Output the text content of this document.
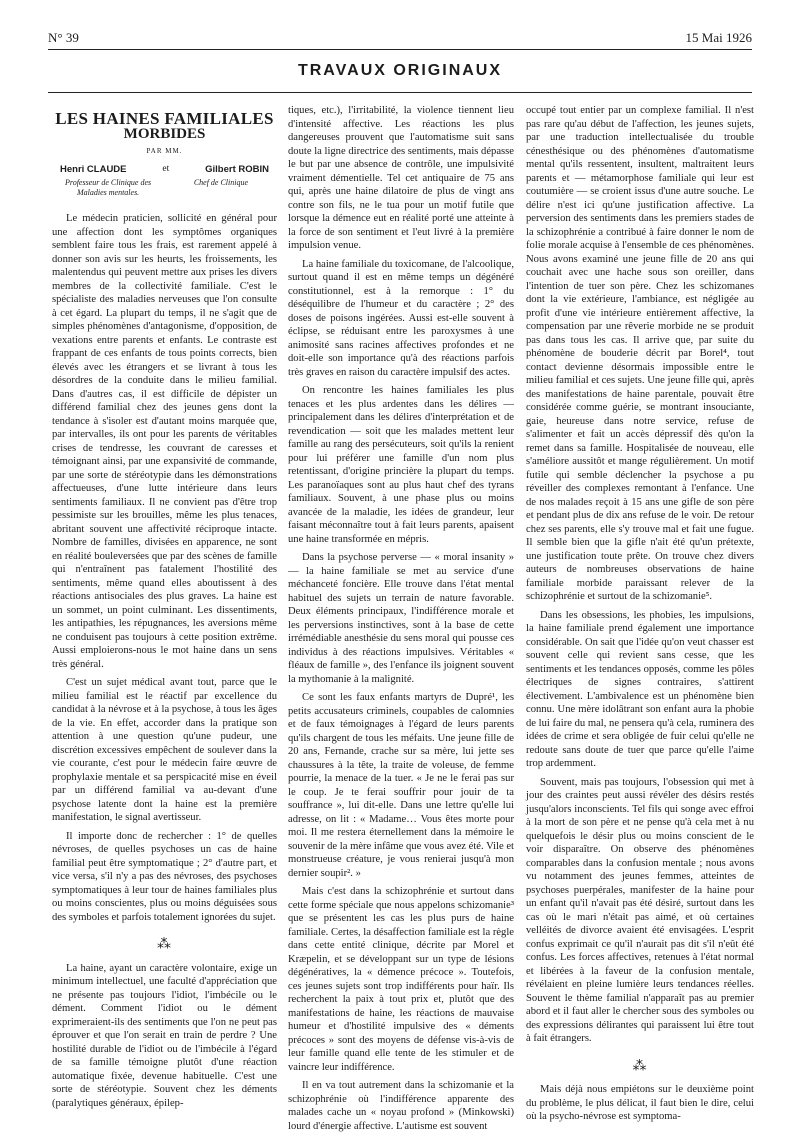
N° 39	15 Mai 1926
TRAVAUX ORIGINAUX
LES HAINES FAMILIALES
MORBIDES
PAR MM.
Henri CLAUDE	et	Gilbert ROBIN
Professeur de Clinique des Maladies mentales.
Chef de Clinique

Le médecin praticien, sollicité en général pour une affection dont les symptômes organiques semblent faire tous les frais, est rarement appelé à donner son avis sur les heurts, les froissements, les malentendus qui peuvent mettre aux prises les divers membres de la collectivité familiale. C'est le spécialiste des maladies nerveuses que l'on consulte à cet égard. La plupart du temps, il ne s'agit que de simples phénomènes d'antagonisme, d'opposition, de vexations entre parents et enfants. Le contraste est frappant de ces enfants de tous points corrects, bien élevés avec les étrangers et se livrant à tous les désordres de la conduite dans le milieu familial. Dans d'autres cas, il est difficile de dépister un différend familial chez des jeunes gens dont la tendance à s'isoler est d'autant moins marquée que, par intervalles, ils ont pour les parents de véritables crises de tendresse, les couvrant de caresses et témoignant ainsi, par une expansivité de commande, par une sorte de stéréotypie dans les démonstrations affectueuses, d'une lutte intérieure dans leurs sentiments familiaux. Il ne convient pas d'être trop pessimiste sur les brouilles, même les plus tenaces, abritant souvent une affectivité réciproque intacte. Nombre de familles, divisées en apparence, ne sont en réalité bouleversées que par des scènes de famille qui n'entraînent pas fatalement l'hostilité des sentiments, même quand elles aboutissent à des réactions antisociales des plus graves. La haine est un sommet, un point culminant. Les dissentiments, les antipathies, les répugnances, les aversions même ne conduisent pas toujours à cette position extrême. Aussi emploierons-nous le mot haine dans un sens très général.

C'est un sujet médical avant tout, parce que le milieu familial est le réactif par excellence du candidat à la névrose et à la psychose, à tous les âges de la vie. En effet, accorder dans la pratique son attention à une question qu'une pudeur, une discrétion excessives empêchent de soulever dans la vie courante, c'est pour le médecin faire œuvre de prophylaxie mentale et sa perspicacité mise en éveil par un différend familial va au-devant d'une psychose latente dont la haine est la première manifestation, le signal avertisseur.

Il importe donc de rechercher : 1° de quelles névroses, de quelles psychoses un cas de haine familial peut être symptomatique ; 2° d'autre part, et vice versa, s'il n'y a pas des névroses, des psychoses symptomatiques à leur tour de haines familiales plus ou moins conscientes, plus ou moins déguisées sous des symboles et parfois totalement ignorées du sujet.

⁂

La haine, ayant un caractère volontaire, exige un minimum intellectuel, une faculté d'appréciation que ne présente pas toujours l'idiot, l'imbécile ou le dément. Comment l'idiot ou le dément exprimeraient-ils des sentiments que l'on ne peut pas éprouver et que l'on serait en train de perdre ? Une hostilité durable de l'idiot ou de l'imbécile à l'égard de sa famille témoigne plutôt d'une réaction automatique fixée, devenue habituelle. C'est une sorte de stéréotypie. Souvent chez les déments (paralytiques généraux, épilep-

tiques, etc.), l'irritabilité, la violence tiennent lieu d'intensité affective. Les réactions les plus dangereuses prouvent que l'automatisme suit sans doute la ligne directrice des sentiments, mais dépasse le but par une absence de contrôle, une impulsivité vraiment démentielle. Tel cet antiquaire de 75 ans qui, après une haine dilatoire de plus de vingt ans contre son fils, ne le tua pour un motif futile que lorsque la démence eut en réalité porté une atteinte à la force de son sentiment et l'eut livré à la première impulsion venue.

La haine familiale du toxicomane, de l'alcoolique, surtout quand il est en même temps un dégénéré constitutionnel, est à la remorque : 1° du déséquilibre de l'humeur et du caractère ; 2° des doses de poisons ingérées. Aussi est-elle souvent à éclipse, se réduisant entre les paroxysmes à une animosité sans racines affectives profondes et ne doit-elle son importance qu'à des réactions parfois très graves en raison du caractère impulsif des actes.

On rencontre les haines familiales les plus tenaces et les plus ardentes dans les délires — principalement dans les délires d'interprétation et de revendication — soit que les malades mettent leur famille au rang des persécuteurs, soit qu'ils la renient pour lui préférer une famille d'un nom plus retentissant, d'origine princière la plupart du temps. Les paranoïaques sont au plus haut chef des tyrans familiaux. Souvent, à une phase plus ou moins avancée de la maladie, les idées de grandeur, leur faisant méconnaître tout à fait leurs parents, apaisent une haine transformée en mépris.

Dans la psychose perverse — « moral insanity » — la haine familiale se met au service d'une méchanceté foncière. Elle trouve dans l'état mental habituel des sujets un terrain de nature favorable. Deux éléments principaux, l'indifférence morale et les perversions instinctives, sont à la base de cette irrémédiable anesthésie du sens moral qui pousse ces individus à des réactions impulsives. Véritables « fléaux de famille », des l'enfance ils joignent souvent la mythomanie à la malignité.

Ce sont les faux enfants martyrs de Dupré¹, les petits accusateurs criminels, coupables de calomnies et de faux témoignages à l'égard de leurs parents qu'ils chargent de tous les méfaits. Une jeune fille de 20 ans, Fernande, crache sur sa mère, lui jette ses chaussures à la tête, la traite de voleuse, de femme pourrie, la menace de la tuer. « Je ne le ferai pas sur le coup. Je te ferai souffrir pour jouir de ta souffrance », lui dit-elle. Dans une lettre qu'elle lui adresse, on lit : « Madame… Vous êtes morte pour moi. Il me restera éternellement dans la mémoire le souvenir de la mère infâme que vous avez été. Vile et monstrueuse créature, je vous renierai jusqu'à mon dernier soupir². »

Mais c'est dans la schizophrénie et surtout dans cette forme spéciale que nous appelons schizomanie³ que se présentent les cas les plus purs de haine familiale. Certes, la désaffection familiale est la règle dans cette entité clinique, décrite par Morel et Kræpelin, et se développant sur un type de lésions dégénératives, la « démence précoce ». Toutefois, ces jeunes sujets sont trop indifférents pour haïr. Ils recherchent la paix à tout prix et, plutôt que des manifestations de haine, les réactions de mauvaise humeur et d'hostilité impulsive des « déments précoces » sont des moyens de défense vis-à-vis de leur famille quand elle tente de les stimuler et de vaincre leur indifférence.

Il en va tout autrement dans la schizomanie et la schizophrénie où l'indifférence apparente des malades cache un « noyau profond » (Minkowski) lourd d'énergie affective. L'autisme est souvent

occupé tout entier par un complexe familial. Il n'est pas rare qu'au début de l'affection, les jeunes sujets, par une traduction intellectualisée du trouble cénesthésique ou des phénomènes d'automatisme mental qu'ils ressentent, insultent, maltraitent leurs parents et — métamorphose familiale qui leur est coutumière — se croient issus d'une autre souche. Le délire n'est ici qu'une justification affective. La perversion des sentiments dans les premiers stades de la schizophrénie a contribué à faire donner le nom de folie morale acquise à l'ensemble de ces phénomènes. Nous avons examiné une jeune fille de 20 ans qui couchait avec une hache sous son oreiller, dans l'intention de tuer son père. Chez les schizomanes dont la vie extérieure, l'ambiance, est négligée au profit d'une vie intérieure entièrement affective, la compensation par une rêverie morbide ne se produit pas dans tous les cas. Il arrive que, par suite du phénomène de bouderie décrit par Borel⁴, tout contact devienne désormais impossible entre le milieu familial et ces sujets. Une jeune fille qui, après des manifestations de haine parentale, pouvait être considérée comme guérie, se montrant insouciante, gaie, heureuse dans notre service, refuse de s'alimenter et fait un accès dépressif dès qu'on la remet dans sa famille. Hospitalisée de nouveau, elle s'améliore aussitôt et mange régulièrement. Un motif futile qui semble déclencher la psychose a pu réveiller des complexes remontant à l'enfance. Une de nos malades reçoit à 15 ans une gifle de son père et pendant plus de dix ans refuse de le voir. De retour chez ses parents, elle s'y trouve mal et fait une fugue. Il semble bien que la gifle n'ait été qu'un prétexte, une justification toute prête. On trouve chez divers auteurs de nombreuses observations de haine familiale morbide paraissant relever de la schizophrénie et surtout de la schizomanie⁵.

Dans les obsessions, les phobies, les impulsions, la haine familiale prend également une importance considérable. On sait que l'idée qu'on veut chasser est souvent celle qui revient sans cesse, que les sentiments et les tendances opposés, comme les pôles électriques de signes contraires, s'attirent électivement. L'ambivalence est un phénomène bien connu. Une mère idolâtrant son enfant aura la phobie de lui faire du mal, ne pensera qu'à cela, ruminera des idées de crime et sera obligée de fuir celui qu'elle ne redoute sans doute de tuer que parce qu'elle l'aime trop ardemment.

Souvent, mais pas toujours, l'obsession qui met à jour des craintes peut aussi révéler des désirs restés jusqu'alors inconscients. Tel fils qui songe avec effroi à la mort de son père et ne pense qu'à cela met à nu quelquefois le désir plus ou moins conscient de le voir disparaître. On observe des phénomènes comparables dans la confusion mentale ; nous avons vu notamment des jeunes femmes, atteintes de psychoses puerpérales, manifester de la haine pour un enfant qu'il n'avait pas été désiré, surtout dans les cas où le mari n'était pas aimé, et où certaines velléités de divorce avaient été envisagées. L'esprit confus exprimait ce qu'il n'aurait pas dit s'il n'eût été confus. Les forces affectives, retenues à l'état normal et libérées à la faveur de la confusion mentale, révélaient en pleine lumière leurs tendances réelles. Souvent le thème familial n'apparaît pas au premier abord et il faut aller le chercher sous des symboles ou des expressions délirantes qui paraissent lui être tout à fait étrangers.

⁂

Mais déjà nous empiétons sur le deuxième point du problème, le plus délicat, il faut bien le dire, celui où la psycho-névrose est symptoma-
